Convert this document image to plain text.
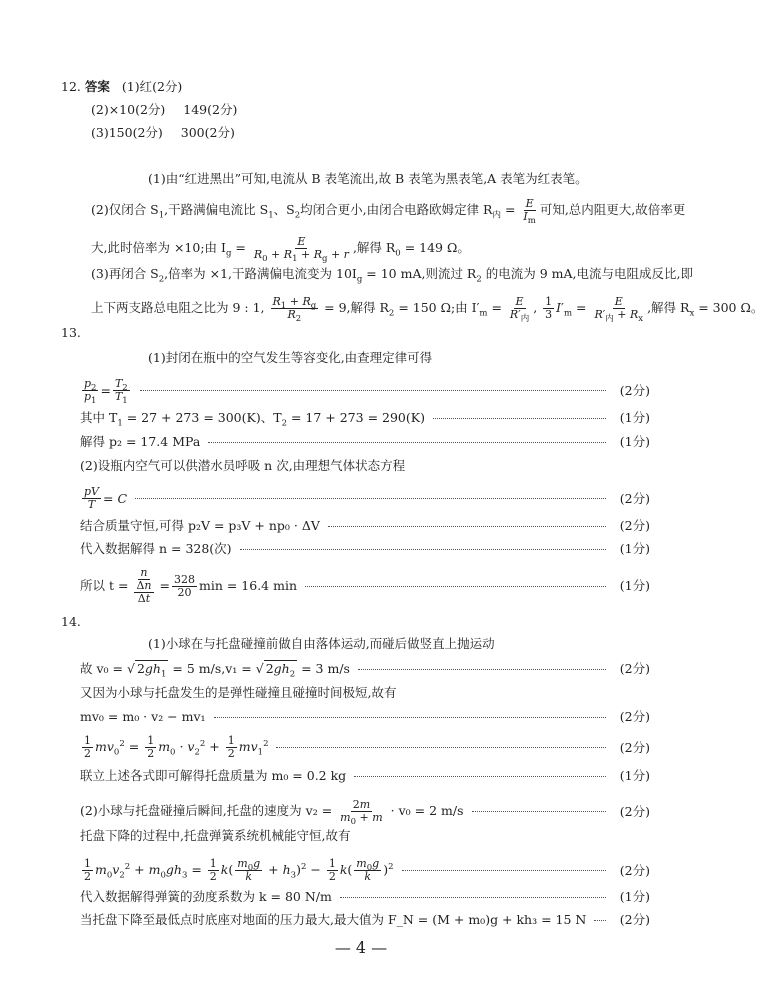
12. 答案 (1)红(2分)
(2)×10(2分) 149(2分)
(3)150(2分) 300(2分)
(1)由“红进黑出”可知,电流从 B 表笔流出,故 B 表笔为黑表笔,A 表笔为红表笔。
(2)仅闭合 $S_1$,干路满偏电流比 $S_1$、$S_2$均闭合更小,由闭合电路欧姆定律 $R_内 = \frac{E}{I_m}$ 可知,总内阻更大,故倍率更
大,此时倍率为 ×10;由 $I_g = \frac{E}{R_0 + R_1 + R_g + r}$ ,解得 $R_0 = 149$ Ω。
(3)再闭合 $S_2$,倍率为 ×1,干路满偏电流变为 $10I_g = 10$ mA,则流过 $R_2$ 的电流为 9 mA,电流与电阻成反比,即
上下两支路总电阻之比为 9 : 1, $\frac{R_1 + R_g}{R_2} = 9$,解得 $R_2 = 150$ Ω;由 $I'_m = \frac{E}{R'_内}$ , $\frac{1}{3} I'_m = \frac{E}{R'_内 + R_x}$ ,解得 $R_x = 300$ Ω。
13.
(1)封闭在瓶中的空气发生等容变化,由查理定律可得
$\frac{p_2}{p_1} = \frac{T_2}{T_1}$	(2分)
其中 $T_1 = 27 + 273 = 300(K)$、$T_2 = 17 + 273 = 290(K)$	(1分)
解得 p₂ = 17.4 MPa	(1分)
(2)设瓶内空气可以供潜水员呼吸 n 次,由理想气体状态方程
$\frac{pV}{T} = C$	(2分)
结合质量守恒,可得 p₂V = p₃V + np₀ · ΔV	(2分)
代入数据解得 n = 328(次)	(1分)
所以 $t = \frac{n}{\frac{\Delta n}{\Delta t}} = \frac{328}{20}$ min = 16.4 min	(1分)
14.
(1)小球在与托盘碰撞前做自由落体运动,而碰后做竖直上抛运动
故 v₀ = √ $2gh_1 = 5$ m/s,v₁ = √ $2gh_2 = 3$ m/s	(2分)
又因为小球与托盘发生的是弹性碰撞且碰撞时间极短,故有
mv₀ = m₀ · v₂ − mv₁	(2分)
$\frac{1}{2} mv_0^2 = \frac{1}{2} m_0 \cdot v_2^2 + \frac{1}{2} mv_1^2$	(2分)
联立上述各式即可解得托盘质量为 m₀ = 0.2 kg	(1分)
(2)小球与托盘碰撞后瞬间,托盘的速度为 $v_2 = \frac{2m}{m_0 + m} \cdot v_0 = 2$ m/s	(2分)
托盘下降的过程中,托盘弹簧系统机械能守恒,故有
$\frac{1}{2} m_0v_2^2 + m_0gh_3 = \frac{1}{2} k( \frac{m_0g}{k} + h_3)^2 - \frac{1}{2} k( \frac{m_0g}{k} )^2$	(2分)
代入数据解得弹簧的劲度系数为 k = 80 N/m	(1分)
当托盘下降至最低点时底座对地面的压力最大,最大值为 F_N = (M + m₀)g + kh₃ = 15 N	(2分)
— 4 —
